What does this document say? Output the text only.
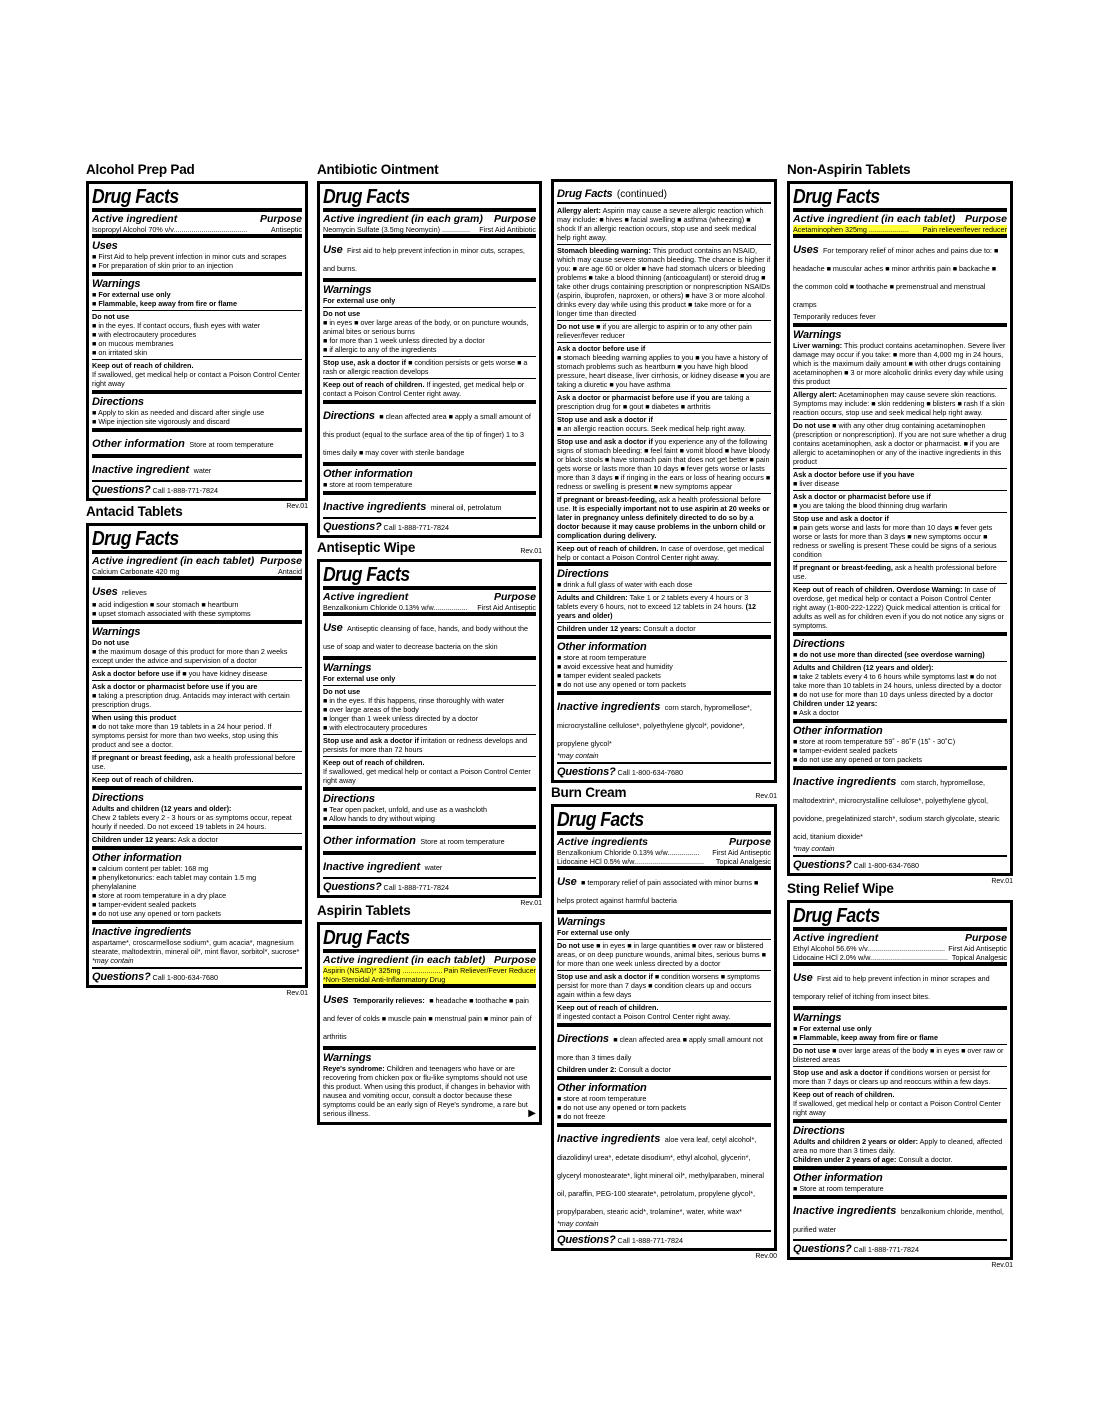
Alcohol Prep Pad
Drug Facts
Active ingredient	Purpose
Isopropyl Alcohol 70% v/v.....................................	Antiseptic
Uses
■ First Aid to help prevent infection in minor cuts and scrapes
■ For preparation of skin prior to an injection
Warnings
■ For external use only
■ Flammable, keep away from fire or flame
Do not use
■ in the eyes. If contact occurs, flush eyes with water
■ with electrocautery procedures
■ on mucous membranes
■ on irritated skin
Keep out of reach of children.
If swallowed, get medical help or contact a Poison Control Center right away
Directions
■ Apply to skin as needed and discard after single use
■ Wipe injection site vigorously and discard
Other information Store at room temperature
Inactive ingredient water
Questions? Call 1-888-771-7824
Rev.01
Antacid Tablets
Drug Facts
Active ingredient (in each tablet) Purpose
Calcium Carbonate 420 mg	Antacid
Uses relieves
■ acid indigestion ■ sour stomach ■ heartburn
■ upset stomach associated with these symptoms
Warnings
Do not use
■ the maximum dosage of this product for more than 2 weeks except under the advice and supervision of a doctor
Ask a doctor before use if ■ you have kidney disease
Ask a doctor or pharmacist before use if you are
■ taking a prescription drug. Antacids may interact with certain prescription drugs.
When using this product
■ do not take more than 19 tablets in a 24 hour period. If symptoms persist for more than two weeks, stop using this product and see a doctor.
If pregnant or breast feeding, ask a health professional before use.
Keep out of reach of children.
Directions
Adults and children (12 years and older):
Chew 2 tablets every 2 - 3 hours or as symptoms occur, repeat hourly if needed. Do not exceed 19 tablets in 24 hours.
Children under 12 years: Ask a doctor
Other information
■ calcium content per tablet: 168 mg
■ phenylketonurics: each tablet may contain 1.5 mg phenylalanine
■ store at room temperature in a dry place
■ tamper-evident sealed packets
■ do not use any opened or torn packets
Inactive ingredients
aspartame*, croscarmellose sodium*, gum acacia*, magnesium stearate, maltodextrin, mineral oil*, mint flavor, sorbitol*, sucrose*
*may contain
Questions? Call 1-800-634-7680
Rev.01
Antibiotic Ointment
Drug Facts
Active ingredient (in each gram) Purpose
Neomycin Sulfate (3.5mg Neomycin) .............. First Aid Antibiotic
Use First aid to help prevent infection in minor cuts, scrapes, and burns.
Warnings
For external use only
Do not use
■ in eyes ■ over large areas of the body, or on puncture wounds, animal bites or serious burns
■ for more than 1 week unless directed by a doctor
■ if allergic to any of the ingredients
Stop use, ask a doctor if ■ condition persists or gets worse ■ a rash or allergic reaction develops
Keep out of reach of children. If ingested, get medical help or contact a Poison Control Center right away.
Directions ■ clean affected area ■ apply a small amount of this product (equal to the surface area of the tip of finger) 1 to 3 times daily ■ may cover with sterile bandage
Other information
■ store at room temperature
Inactive ingredients mineral oil, petrolatum
Questions? Call 1-888-771-7824
Antiseptic Wipe	Rev.01
Drug Facts
Active ingredient	Purpose
Benzalkonium Chloride 0.13% w/w................. First Aid Antiseptic
Use Antiseptic cleansing of face, hands, and body without the use of soap and water to decrease bacteria on the skin
Warnings
For external use only
Do not use
■ in the eyes. If this happens, rinse thoroughly with water
■ over large areas of the body
■ longer than 1 week unless directed by a doctor
■ with electrocautery procedures
Stop use and ask a doctor if irritation or redness develops and persists for more than 72 hours
Keep out of reach of children.
If swallowed, get medical help or contact a Poison Control Center right away
Directions
■ Tear open packet, unfold, and use as a washcloth
■ Allow hands to dry without wiping
Other information Store at room temperature
Inactive ingredient water
Questions? Call 1-888-771-7824
Rev.01
Aspirin Tablets
Drug Facts
Active ingredient (in each tablet) Purpose
Aspirin (NSAID)* 325mg .................... Pain Reliever/Fever Reducer
*Non-Steroidal Anti-Inflammatory Drug
Uses Temporarily relieves: ■ headache ■ toothache ■ pain and fever of colds ■ muscle pain ■ menstrual pain ■ minor pain of arthritis
Warnings
Reye's syndrome: Children and teenagers who have or are recovering from chicken pox or flu-like symptoms should not use this product. When using this product, if changes in behavior with nausea and vomiting occur, consult a doctor because these symptoms could be an early sign of Reye's syndrome, a rare but serious illness.	▶
Drug Facts (continued)
Allergy alert: Aspirin may cause a severe allergic reaction which may include: ■ hives ■ facial swelling ■ asthma (wheezing) ■ shock If an allergic reaction occurs, stop use and seek medical help right away.
Stomach bleeding warning: This product contains an NSAID, which may cause severe stomach bleeding. The chance is higher if you: ■ are age 60 or older ■ have had stomach ulcers or bleeding problems ■ take a blood thinning (anticoagulant) or steroid drug ■ take other drugs containing prescription or nonprescription NSAIDs (aspirin, ibuprofen, naproxen, or others) ■ have 3 or more alcohol drinks every day while using this product ■ take more or for a longer time than directed
Do not use ■ if you are allergic to aspirin or to any other pain reliever/fever reducer
Ask a doctor before use if
■ stomach bleeding warning applies to you ■ you have a history of stomach problems such as heartburn ■ you have high blood pressure, heart disease, liver cirrhosis, or kidney disease ■ you are taking a diuretic ■ you have asthma
Ask a doctor or pharmacist before use if you are taking a prescription drug for ■ gout ■ diabetes ■ arthritis
Stop use and ask a doctor if
■ an allergic reaction occurs. Seek medical help right away.
Stop use and ask a doctor if you experience any of the following signs of stomach bleeding: ■ feel faint ■ vomit blood ■ have bloody or black stools ■ have stomach pain that does not get better ■ pain gets worse or lasts more than 10 days ■ fever gets worse or lasts more than 3 days ■ if ringing in the ears or loss of hearing occurs ■ redness or swelling is present ■ new symptoms appear
If pregnant or breast-feeding, ask a health professional before use. It is especially important not to use aspirin at 20 weeks or later in pregnancy unless definitely directed to do so by a doctor because it may cause problems in the unborn child or complication during delivery.
Keep out of reach of children. In case of overdose, get medical help or contact a Poison Control Center right away.
Directions
■ drink a full glass of water with each dose
Adults and Children: Take 1 or 2 tablets every 4 hours or 3 tablets every 6 hours, not to exceed 12 tablets in 24 hours. (12 years and older)
Children under 12 years: Consult a doctor
Other information
■ store at room temperature
■ avoid excessive heat and humidity
■ tamper evident sealed packets
■ do not use any opened or torn packets
Inactive ingredients corn starch, hypromellose*, microcrystalline cellulose*, polyethylene glycol*, povidone*, propylene glycol*
*may contain
Questions? Call 1-800-634-7680
Burn Cream	Rev.01
Drug Facts
Active ingredients	Purpose
Benzalkonium Chloride 0.13% w/w................ First Aid Antiseptic
Lidocaine HCl 0.5% w/w................................... Topical Analgesic
Use ■ temporary relief of pain associated with minor burns ■ helps protect against harmful bacteria
Warnings
For external use only
Do not use ■ in eyes ■ in large quantities ■ over raw or blistered areas, or on deep puncture wounds, animal bites, serious burns ■ for more than one week unless directed by a doctor
Stop use and ask a doctor if ■ condition worsens ■ symptoms persist for more than 7 days ■ condition clears up and occurs again within a few days
Keep out of reach of children.
If ingested contact a Poison Control Center right away.
Directions ■ clean affected area ■ apply small amount not more than 3 times daily
Children under 2: Consult a doctor
Other information
■ store at room temperature
■ do not use any opened or torn packets
■ do not freeze
Inactive ingredients aloe vera leaf, cetyl alcohol*, diazolidinyl urea*, edetate disodium*, ethyl alcohol, glycerin*, glyceryl monostearate*, light mineral oil*, methylparaben, mineral oil, paraffin, PEG-100 stearate*, petrolatum, propylene glycol*, propylparaben, stearic acid*, trolamine*, water, white wax*
*may contain
Questions? Call 1-888-771-7824
Rev.00
Non-Aspirin Tablets
Drug Facts
Active ingredient (in each tablet) Purpose
Acetaminophen 325mg .................... Pain reliever/fever reducer
Uses For temporary relief of minor aches and pains due to: ■ headache ■ muscular aches ■ minor arthritis pain ■ backache ■ the common cold ■ toothache ■ premenstrual and menstrual cramps
Temporarily reduces fever
Warnings
Liver warning: This product contains acetaminophen. Severe liver damage may occur if you take: ■ more than 4,000 mg in 24 hours, which is the maximum daily amount ■ with other drugs containing acetaminophen ■ 3 or more alcoholic drinks every day while using this product
Allergy alert: Acetaminophen may cause severe skin reactions. Symptoms may include: ■ skin reddening ■ blisters ■ rash If a skin reaction occurs, stop use and seek medical help right away.
Do not use ■ with any other drug containing acetaminophen (prescription or nonprescription). If you are not sure whether a drug contains acetaminophen, ask a doctor or pharmacist. ■ if you are allergic to acetaminophen or any of the inactive ingredients in this product
Ask a doctor before use if you have
■ liver disease
Ask a doctor or pharmacist before use if
■ you are taking the blood thinning drug warfarin
Stop use and ask a doctor if
■ pain gets worse and lasts for more than 10 days ■ fever gets worse or lasts for more than 3 days ■ new symptoms occur ■ redness or swelling is present These could be signs of a serious condition
If pregnant or breast-feeding, ask a health professional before use.
Keep out of reach of children. Overdose Warning: In case of overdose, get medical help or contact a Poison Control Center right away (1-800-222-1222) Quick medical attention is critical for adults as well as for children even if you do not notice any signs or symptoms.
Directions
■ do not use more than directed (see overdose warning)
Adults and Children (12 years and older):
■ take 2 tablets every 4 to 6 hours while symptoms last ■ do not take more than 10 tablets in 24 hours, unless directed by a doctor ■ do not use for more than 10 days unless directed by a doctor
Children under 12 years:
■ Ask a doctor
Other information
■ store at room temperature 59˚ - 86˚F (15˚ - 30˚C)
■ tamper-evident sealed packets
■ do not use any opened or torn packets
Inactive ingredients corn starch, hypromellose, maltodextrin*, microcrystalline cellulose*, polyethylene glycol, povidone, pregelatinized starch*, sodium starch glycolate, stearic acid, titanium dioxide*
*may contain
Questions? Call 1-800-634-7680
Rev.01
Sting Relief Wipe
Drug Facts
Active ingredient	Purpose
Ethyl Alcohol 56.6% v/v....................................... First Aid Antiseptic
Lidocaine HCl 2.0% w/w....................................... Topical Analgesic
Use First aid to help prevent infection in minor scrapes and temporary relief of itching from insect bites.
Warnings
■ For external use only
■ Flammable, keep away from fire or flame
Do not use ■ over large areas of the body ■ in eyes ■ over raw or blistered areas
Stop use and ask a doctor if conditions worsen or persist for more than 7 days or clears up and reoccurs within a few days.
Keep out of reach of children.
If swallowed, get medical help or contact a Poison Control Center right away
Directions
Adults and children 2 years or older: Apply to cleaned, affected area no more than 3 times daily.
Children under 2 years of age: Consult a doctor.
Other information
■ Store at room temperature
Inactive ingredients benzalkonium chloride, menthol, purified water
Questions? Call 1-888-771-7824
Rev.01
